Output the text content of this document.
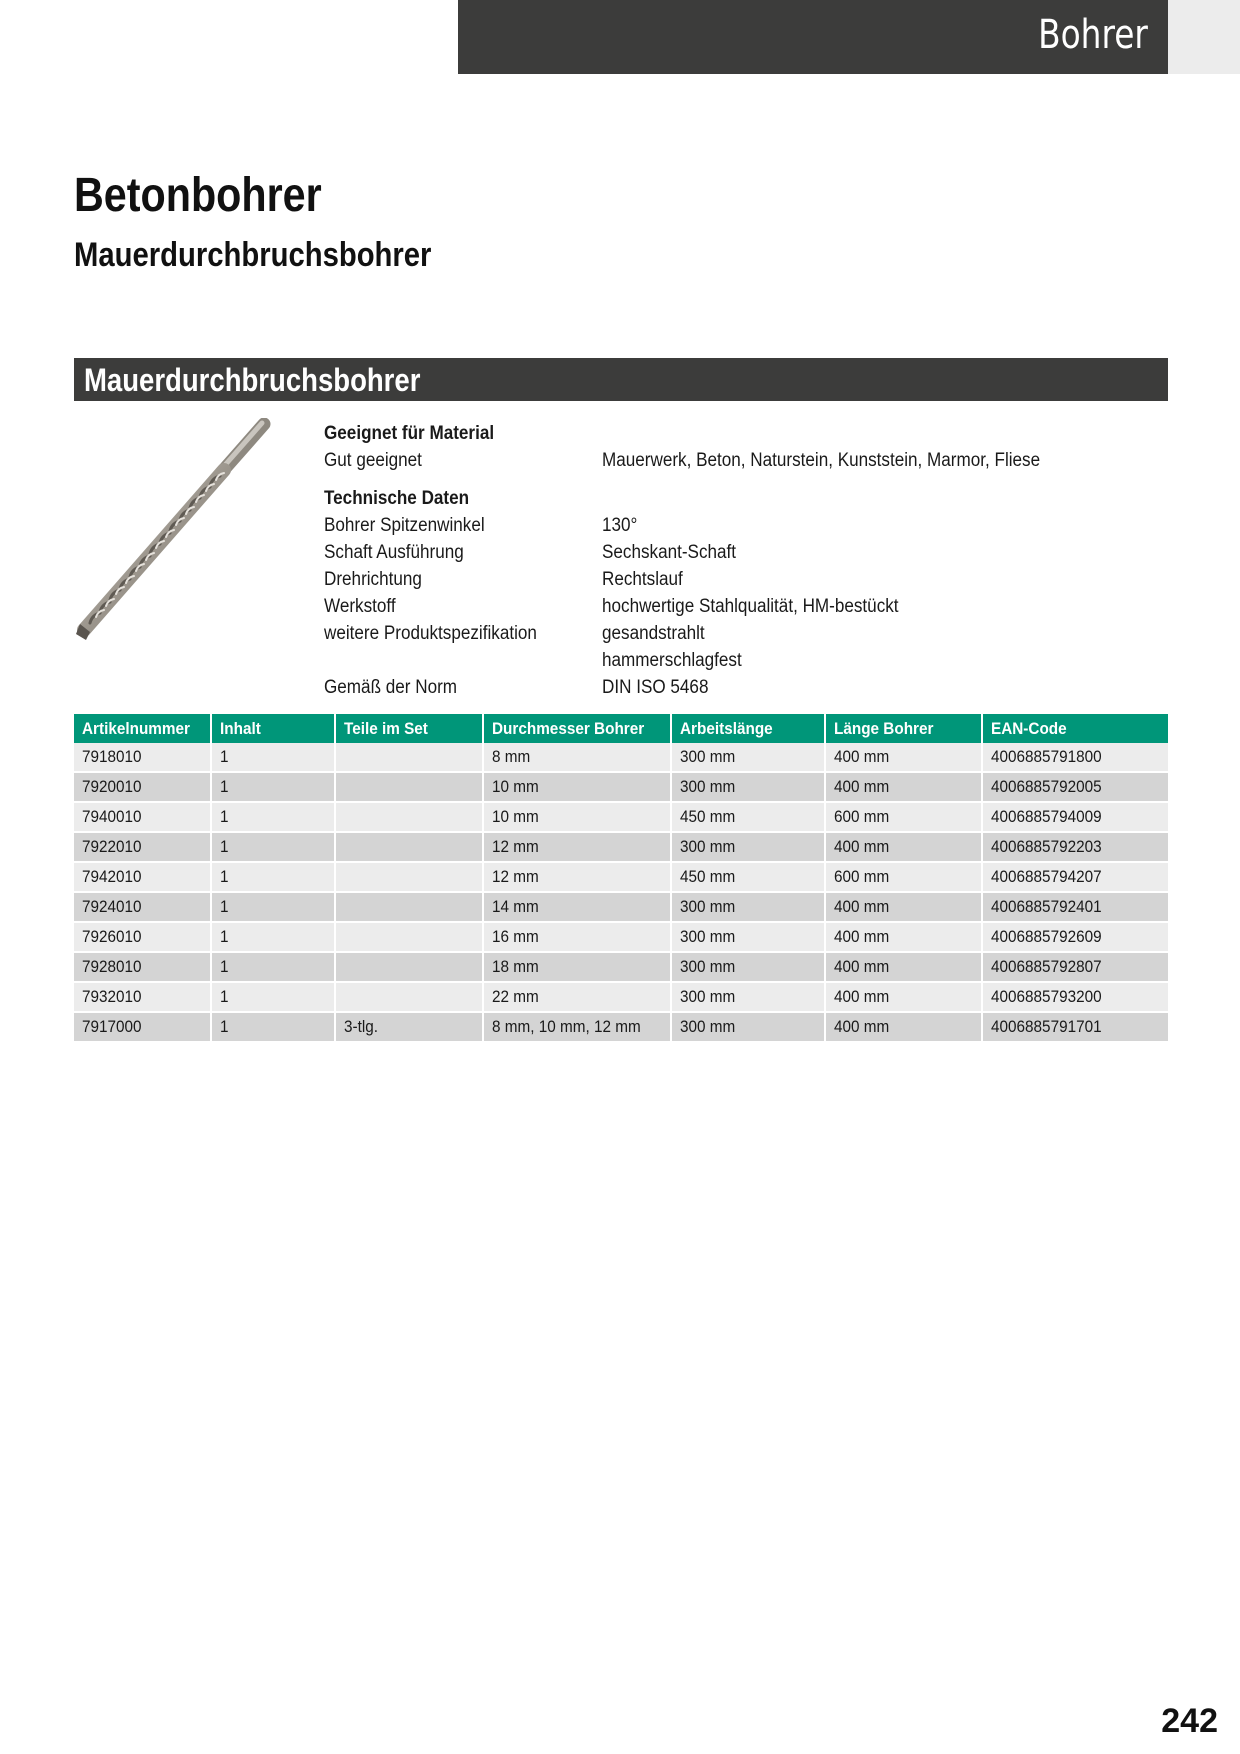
Bohrer
Betonbohrer
Mauerdurchbruchsbohrer
Mauerdurchbruchsbohrer
Geeignet für Material
Gut geeignet	Mauerwerk, Beton, Naturstein, Kunststein, Marmor, Fliese
Technische Daten
Bohrer Spitzenwinkel	130°
Schaft Ausführung	Sechskant-Schaft
Drehrichtung	Rechtslauf
Werkstoff	hochwertige Stahlqualität, HM-bestückt
weitere Produktspezifikation	gesandstrahlt
hammerschlagfest
Gemäß der Norm	DIN ISO 5468
Artikelnummer	Inhalt	Teile im Set	Durchmesser Bohrer	Arbeitslänge	Länge Bohrer	EAN-Code
7918010	1		8 mm	300 mm	400 mm	4006885791800
7920010	1		10 mm	300 mm	400 mm	4006885792005
7940010	1		10 mm	450 mm	600 mm	4006885794009
7922010	1		12 mm	300 mm	400 mm	4006885792203
7942010	1		12 mm	450 mm	600 mm	4006885794207
7924010	1		14 mm	300 mm	400 mm	4006885792401
7926010	1		16 mm	300 mm	400 mm	4006885792609
7928010	1		18 mm	300 mm	400 mm	4006885792807
7932010	1		22 mm	300 mm	400 mm	4006885793200
7917000	1	3-tlg.	8 mm, 10 mm, 12 mm	300 mm	400 mm	4006885791701
242
